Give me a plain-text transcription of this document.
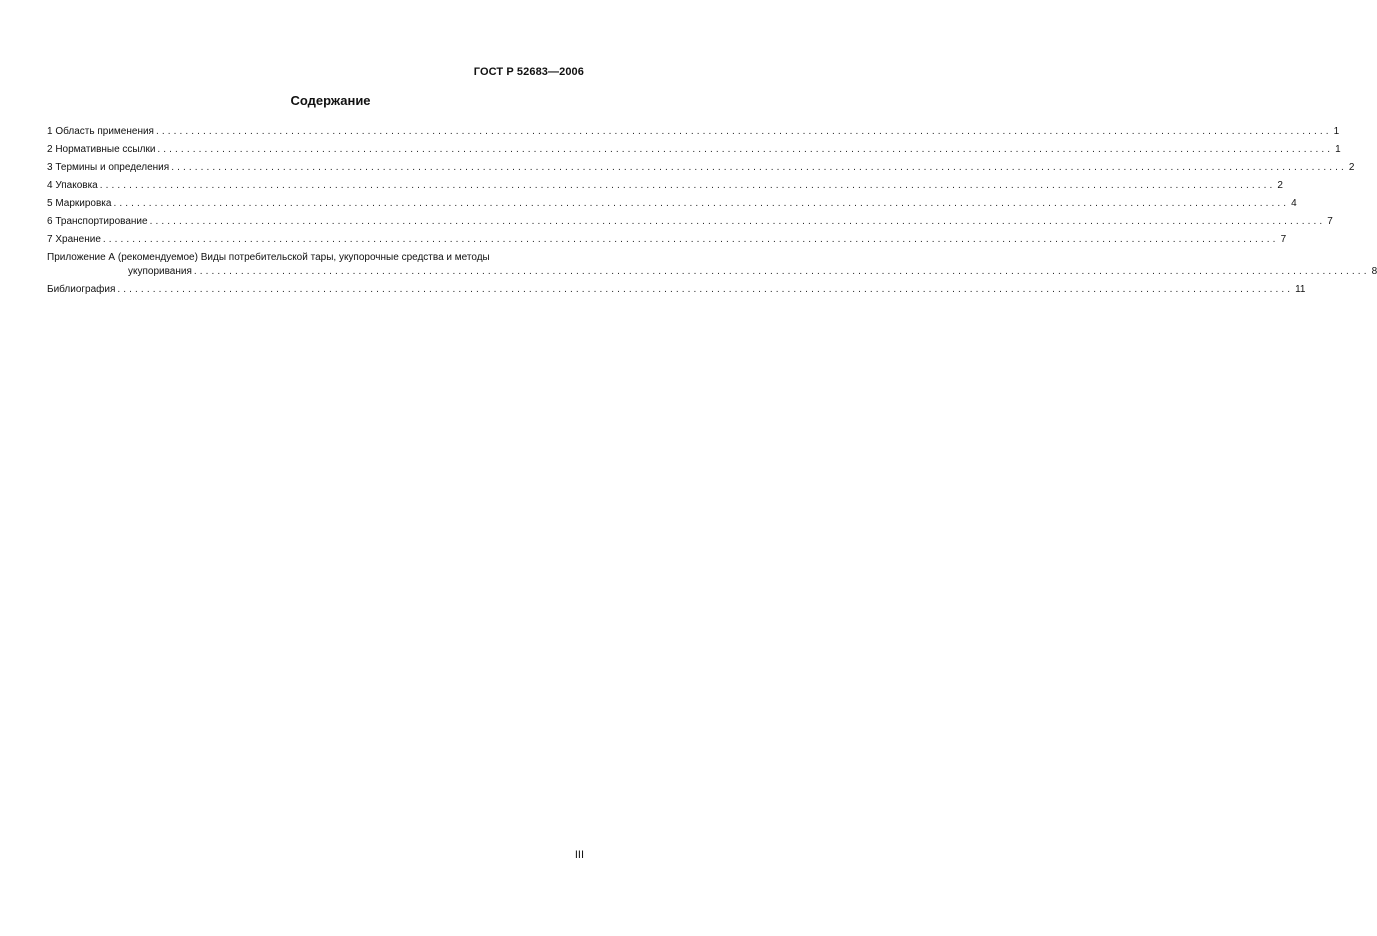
ГОСТ Р 52683—2006
Содержание
1 Область применения ........................................................................................................................................................................................................ 1
2 Нормативные ссылки ........................................................................................................................................................................................................ 1
3 Термины и определения ........................................................................................................................................................................................................ 2
4 Упаковка ........................................................................................................................................................................................................ 2
5 Маркировка ........................................................................................................................................................................................................ 4
6 Транспортирование ........................................................................................................................................................................................................ 7
7 Хранение ........................................................................................................................................................................................................ 7
Приложение А (рекомендуемое) Виды потребительской тары, укупорочные средства и методы
укупоривания ........................................................................................................................................................................................................ 8
Библиография ........................................................................................................................................................................................................ 11
III
